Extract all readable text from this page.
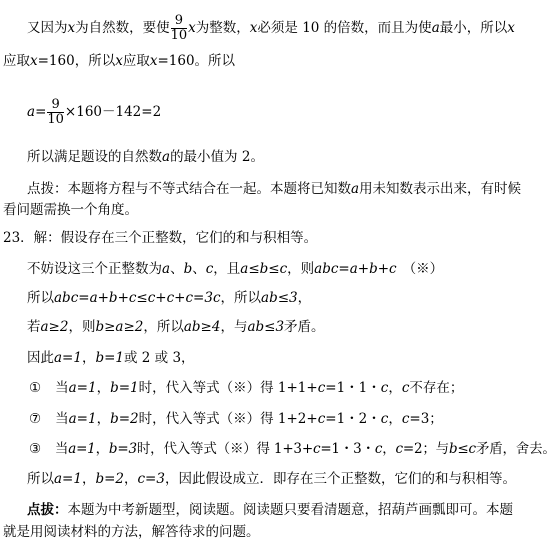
又因为x为自然数，要使 $\frac{9}{10}$ x为整数，x必须是 10 的倍数，而且为使a最小，所以x
应取x=160，所以x应取x=160。所以
$a= \frac{9}{10} \times 160-142=2$
所以满足题设的自然数a的最小值为 2。
点拨：本题将方程与不等式结合在一起。本题将已知数a用未知数表示出来，有时候
看问题需换一个角度。
23．解：假设存在三个正整数，它们的和与积相等。
不妨设这三个正整数为a、b、c，且a≤b≤c，则abc=a+b+c （※）
所以abc=a+b+c≤c+c+c=3c，所以ab≤3，
若a≥2，则b≥a≥2，所以ab≥4，与ab≤3矛盾。
因此a=1，b=1或 2 或 3，
① 当a=1，b=1时，代入等式（※）得 1+1+c=1・1・c，c不存在；
⑦ 当a=1，b=2时，代入等式（※）得 1+2+c=1・2・c，c=3；
③ 当a=1，b=3时，代入等式（※）得 1+3+c=1・3・c，c=2；与b≤c矛盾，舍去。
所以a=1，b=2，c=3，因此假设成立．即存在三个正整数，它们的和与积相等。
点拔：本题为中考新题型，阅读题。阅读题只要看清题意，招葫芦画瓢即可。本题
就是用阅读材料的方法，解答待求的问题。
